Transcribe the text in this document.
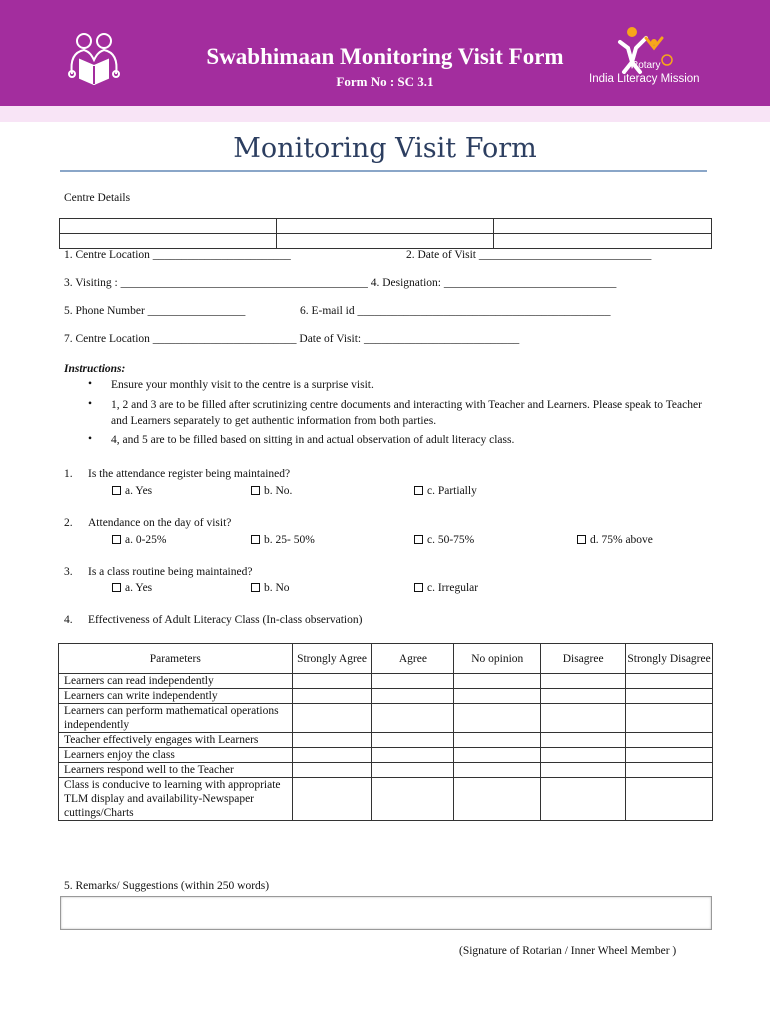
Swabhimaan Monitoring Visit Form
Form No : SC 3.1
Rotary
India Literacy Mission
Monitoring Visit Form
Centre Details

1. Centre Location ________________________	2. Date of Visit ______________________________
3. Visiting : ___________________________________________ 4. Designation: ______________________________
5. Phone Number _________________	6. E-mail id ____________________________________________
7. Centre Location _________________________ Date of Visit: ___________________________
Instructions:
• Ensure your monthly visit to the centre is a surprise visit.
• 1, 2 and 3 are to be filled after scrutinizing centre documents and interacting with Teacher and Learners. Please speak to Teacher and Learners separately to get authentic information from both parties.
• 4, and 5 are to be filled based on sitting in and actual observation of adult literacy class.
1. Is the attendance register being maintained?
a. Yes	b. No.	c. Partially
2. Attendance on the day of visit?
a. 0-25%	b. 25- 50%	c. 50-75%	d. 75% above
3. Is a class routine being maintained?
a. Yes	b. No	c. Irregular
4. Effectiveness of Adult Literacy Class (In-class observation)
Parameters	Strongly Agree	Agree	No opinion	Disagree	Strongly Disagree
Learners can read independently					
Learners can write independently					
Learners can perform mathematical operations independently					
Teacher effectively engages with Learners					
Learners enjoy the class					
Learners respond well to the Teacher					
Class is conducive to learning with appropriate TLM display and availability-Newspaper cuttings/Charts					
5. Remarks/ Suggestions (within 250 words)
(Signature of Rotarian / Inner Wheel Member )
